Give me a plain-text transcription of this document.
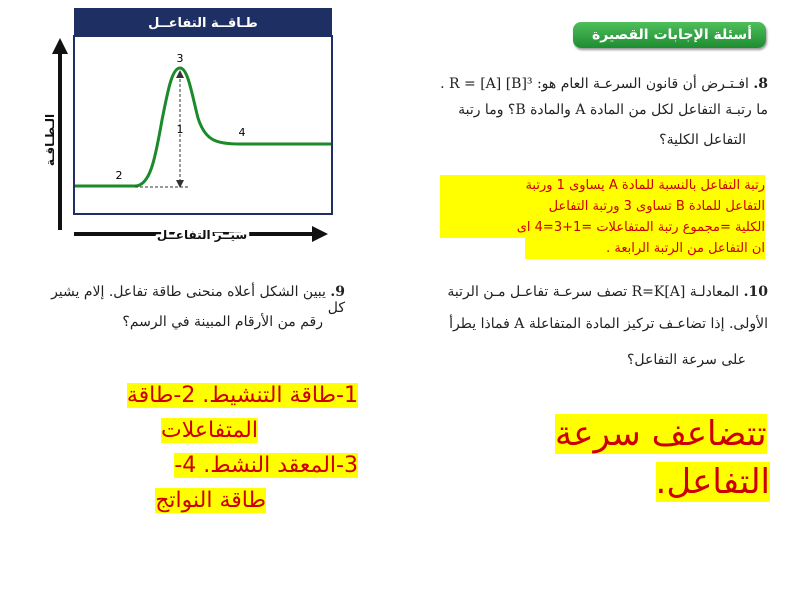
طـاقــة التفاعــل
3
1
2
4
الـطـاقـة
سيــر التفاعــل
أسئلة الإجابات القصيرة
8. افـتـرض أن قانون السرعـة العام هو: R = [A] [B]³ .
ما رتبـة التفاعل لكل من المادة A والمادة B؟ وما رتبة
التفاعل الكلية؟
رتبة التفاعل بالنسبة للمادة A يساوى 1 ورتبة
التفاعل للمادة B تساوى 3 ورتبة التفاعل
الكلية =مجموع رتبة المتفاعلات =1+3=4 اى
ان التفاعل من الرتبة الرابعة .
10. المعادلـة R=K[A] تصف سرعـة تفاعـل مـن الرتبة
الأولى. إذا تضاعـف تركيز المادة المتفاعلة A فماذا يطرأ
على سرعة التفاعل؟
تتضاعف سرعة
التفاعل.
9. يبين الشكل أعلاه منحنى طاقة تفاعل. إلام يشير كل
رقم من الأرقام المبينة في الرسم؟
1-طاقة التنشيط. 2-طاقة
المتفاعلات
3-المعقد النشط. 4-
طاقة النواتج
